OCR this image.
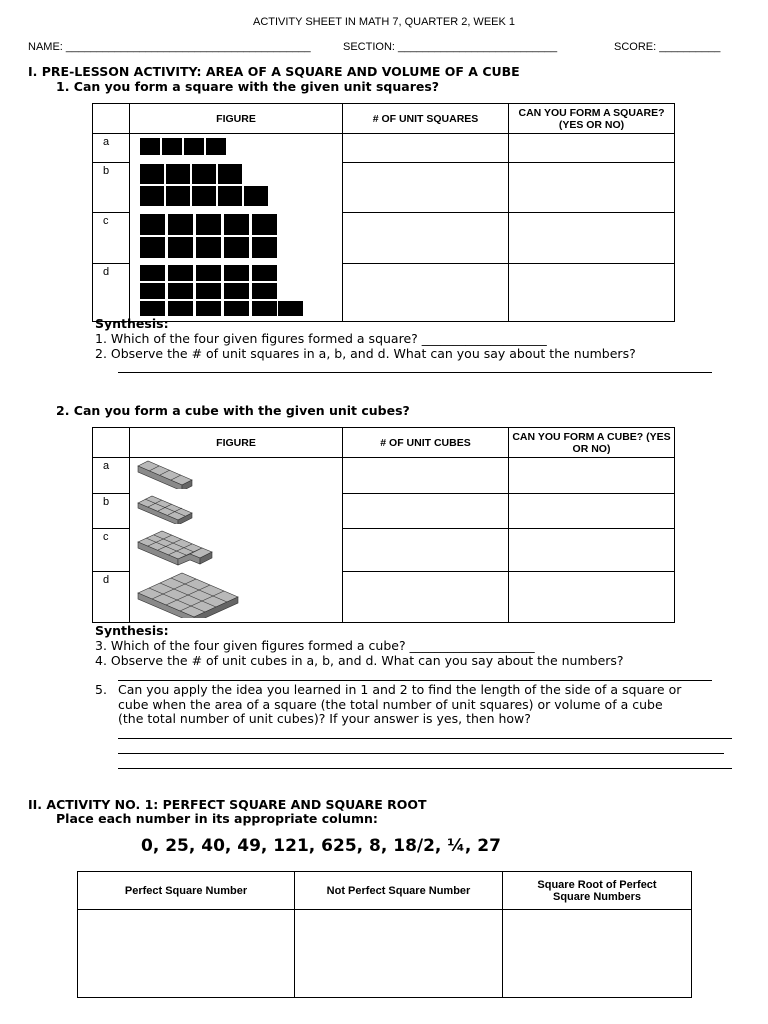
ACTIVITY SHEET IN MATH 7, QUARTER 2, WEEK 1
NAME: ________________________________________	SECTION: __________________________	SCORE: __________
I. PRE-LESSON ACTIVITY: AREA OF A SQUARE AND VOLUME OF A CUBE
1. Can you form a square with the given unit squares?
	FIGURE	# OF UNIT SQUARES	CAN YOU FORM A SQUARE? (YES OR NO)
a			
b			
c			
d			
Synthesis:
1. Which of the four given figures formed a square? ____________________
2. Observe the # of unit squares in a, b, and d. What can you say about the numbers?
2. Can you form a cube with the given unit cubes?
	FIGURE	# OF UNIT CUBES	CAN YOU FORM A CUBE? (YES OR NO)
a			
b			
c			
d			
Synthesis:
3. Which of the four given figures formed a cube? ____________________
4. Observe the # of unit cubes in a, b, and d. What can you say about the numbers?
5. Can you apply the idea you learned in 1 and 2 to find the length of the side of a square or
cube when the area of a square (the total number of unit squares) or volume of a cube
(the total number of unit cubes)? If your answer is yes, then how?
II. ACTIVITY NO. 1: PERFECT SQUARE AND SQUARE ROOT
Place each number in its appropriate column:
0, 25, 40, 49, 121, 625, 8, 18/2, ¼, 27
Perfect Square Number	Not Perfect Square Number	Square Root of Perfect Square Numbers
